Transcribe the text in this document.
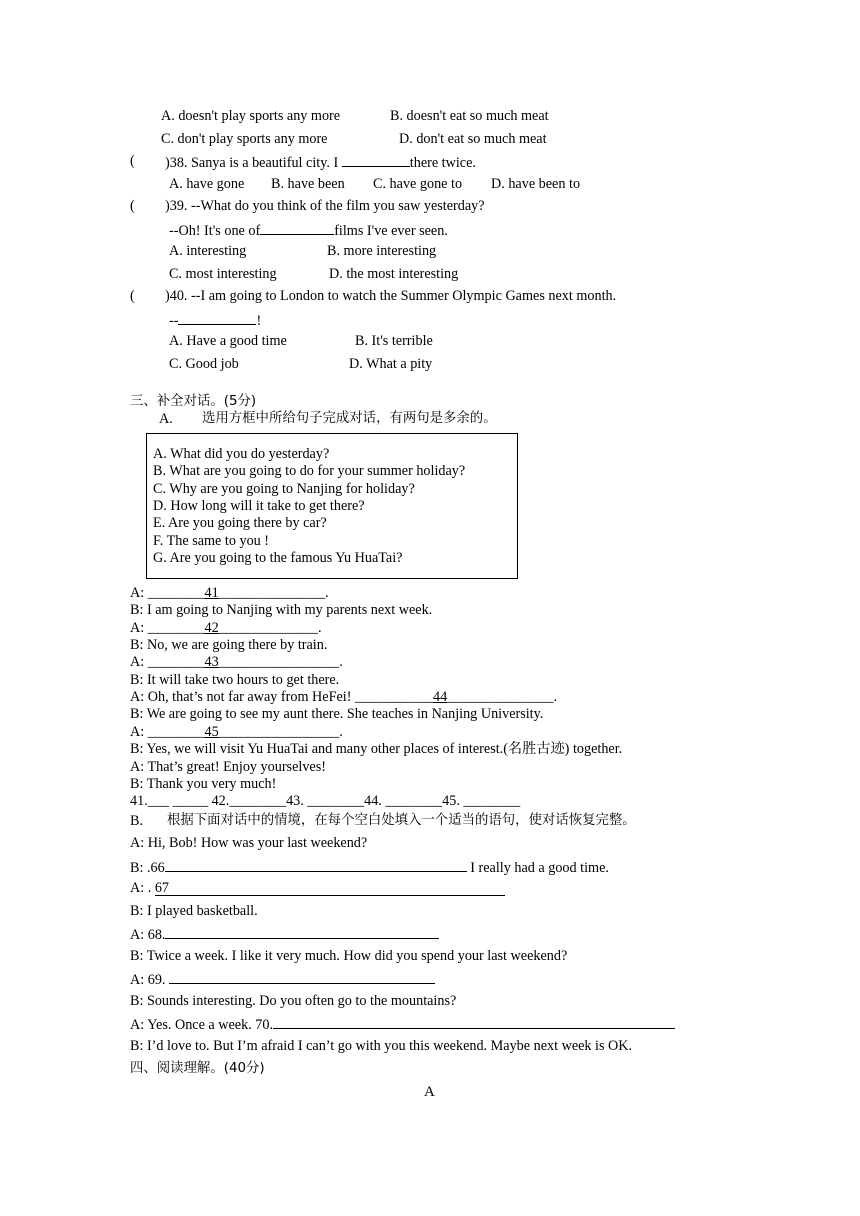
A. doesn't play sports any more	B. doesn't eat so much meat
C. don't play sports any more	D. don't eat so much meat
( )38. Sanya is a beautiful city. I	there twice.
A. have gone B. have been C. have gone to D. have been to
( )39. --What do you think of the film you saw yesterday?
--Oh! It's one of	films I've ever seen.
A. interesting	B. more interesting
C. most interesting	D. the most interesting
( )40. --I am going to London to watch the Summer Olympic Games next month.
--	!
A. Have a good time	B. It's terrible
C. Good job	D. What a pity
三、补全对话。(5分)
A. 选用方框中所给句子完成对话，有两句是多余的。
A. What did you do yesterday?
B. What are you going to do for your summer holiday?
C. Why are you going to Nanjing for holiday?
D. How long will it take to get there?
E. Are you going there by car?
F. The same to you !
G. Are you going to the famous Yu HuaTai?
A: ________41_______________.
B: I am going to Nanjing with my parents next week.
A: ________42______________.
B: No, we are going there by train.
A: ________43_________________.
B: It will take two hours to get there.
A: Oh, that’s not far away from HeFei! ___________44_______________.
B: We are going to see my aunt there. She teaches in Nanjing University.
A: ________45_________________.
B: Yes, we will visit Yu HuaTai and many other places of interest.(名胜古迹) together.
A: That’s great! Enjoy yourselves!
B: Thank you very much!
41.___ _____ 42.________43. ________44. ________45. ________
B. 根据下面对话中的情境，在每个空白处填入一个适当的语句，使对话恢复完整。
A: Hi, Bob! How was your last weekend?
B: .66	I really had a good time.
A: . 67
B: I played basketball.
A: 68.
B: Twice a week. I like it very much. How did you spend your last weekend?
A: 69.
B: Sounds interesting. Do you often go to the mountains?
A: Yes. Once a week. 70.
B: I’d love to. But I’m afraid I can’t go with you this weekend. Maybe next week is OK.
四、阅读理解。(40分)
A
